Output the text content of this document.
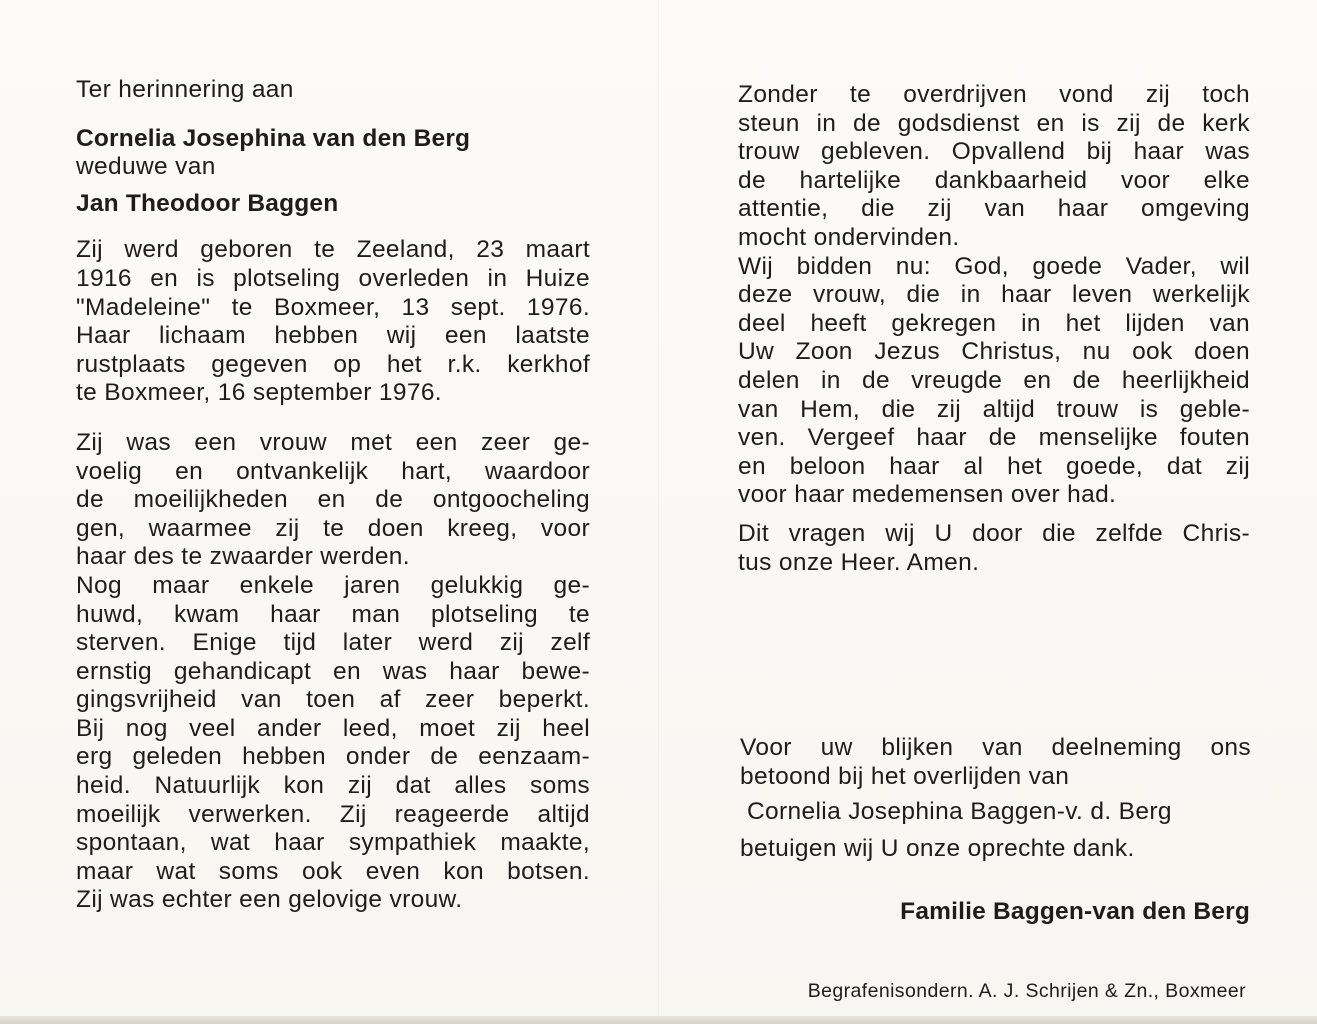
Ter herinnering aan
Cornelia Josephina van den Berg
weduwe van
Jan Theodoor Baggen
Zij werd geboren te Zeeland, 23 maart
1916 en is plotseling overleden in Huize
"Madeleine" te Boxmeer, 13 sept. 1976.
Haar lichaam hebben wij een laatste
rustplaats gegeven op het r.k. kerkhof
te Boxmeer, 16 september 1976.
Zij was een vrouw met een zeer ge-
voelig en ontvankelijk hart, waardoor
de moeilijkheden en de ontgoocheling
gen, waarmee zij te doen kreeg, voor
haar des te zwaarder werden.
Nog maar enkele jaren gelukkig ge-
huwd, kwam haar man plotseling te
sterven. Enige tijd later werd zij zelf
ernstig gehandicapt en was haar bewe-
gingsvrijheid van toen af zeer beperkt.
Bij nog veel ander leed, moet zij heel
erg geleden hebben onder de eenzaam-
heid. Natuurlijk kon zij dat alles soms
moeilijk verwerken. Zij reageerde altijd
spontaan, wat haar sympathiek maakte,
maar wat soms ook even kon botsen.
Zij was echter een gelovige vrouw.
Zonder te overdrijven vond zij toch
steun in de godsdienst en is zij de kerk
trouw gebleven. Opvallend bij haar was
de hartelijke dankbaarheid voor elke
attentie, die zij van haar omgeving
mocht ondervinden.
Wij bidden nu: God, goede Vader, wil
deze vrouw, die in haar leven werkelijk
deel heeft gekregen in het lijden van
Uw Zoon Jezus Christus, nu ook doen
delen in de vreugde en de heerlijkheid
van Hem, die zij altijd trouw is geble-
ven. Vergeef haar de menselijke fouten
en beloon haar al het goede, dat zij
voor haar medemensen over had.
Dit vragen wij U door die zelfde Chris-
tus onze Heer. Amen.
Voor uw blijken van deelneming ons
betoond bij het overlijden van
Cornelia Josephina Baggen-v. d. Berg
betuigen wij U onze oprechte dank.
Familie Baggen-van den Berg
Begrafenisondern. A. J. Schrijen & Zn., Boxmeer
